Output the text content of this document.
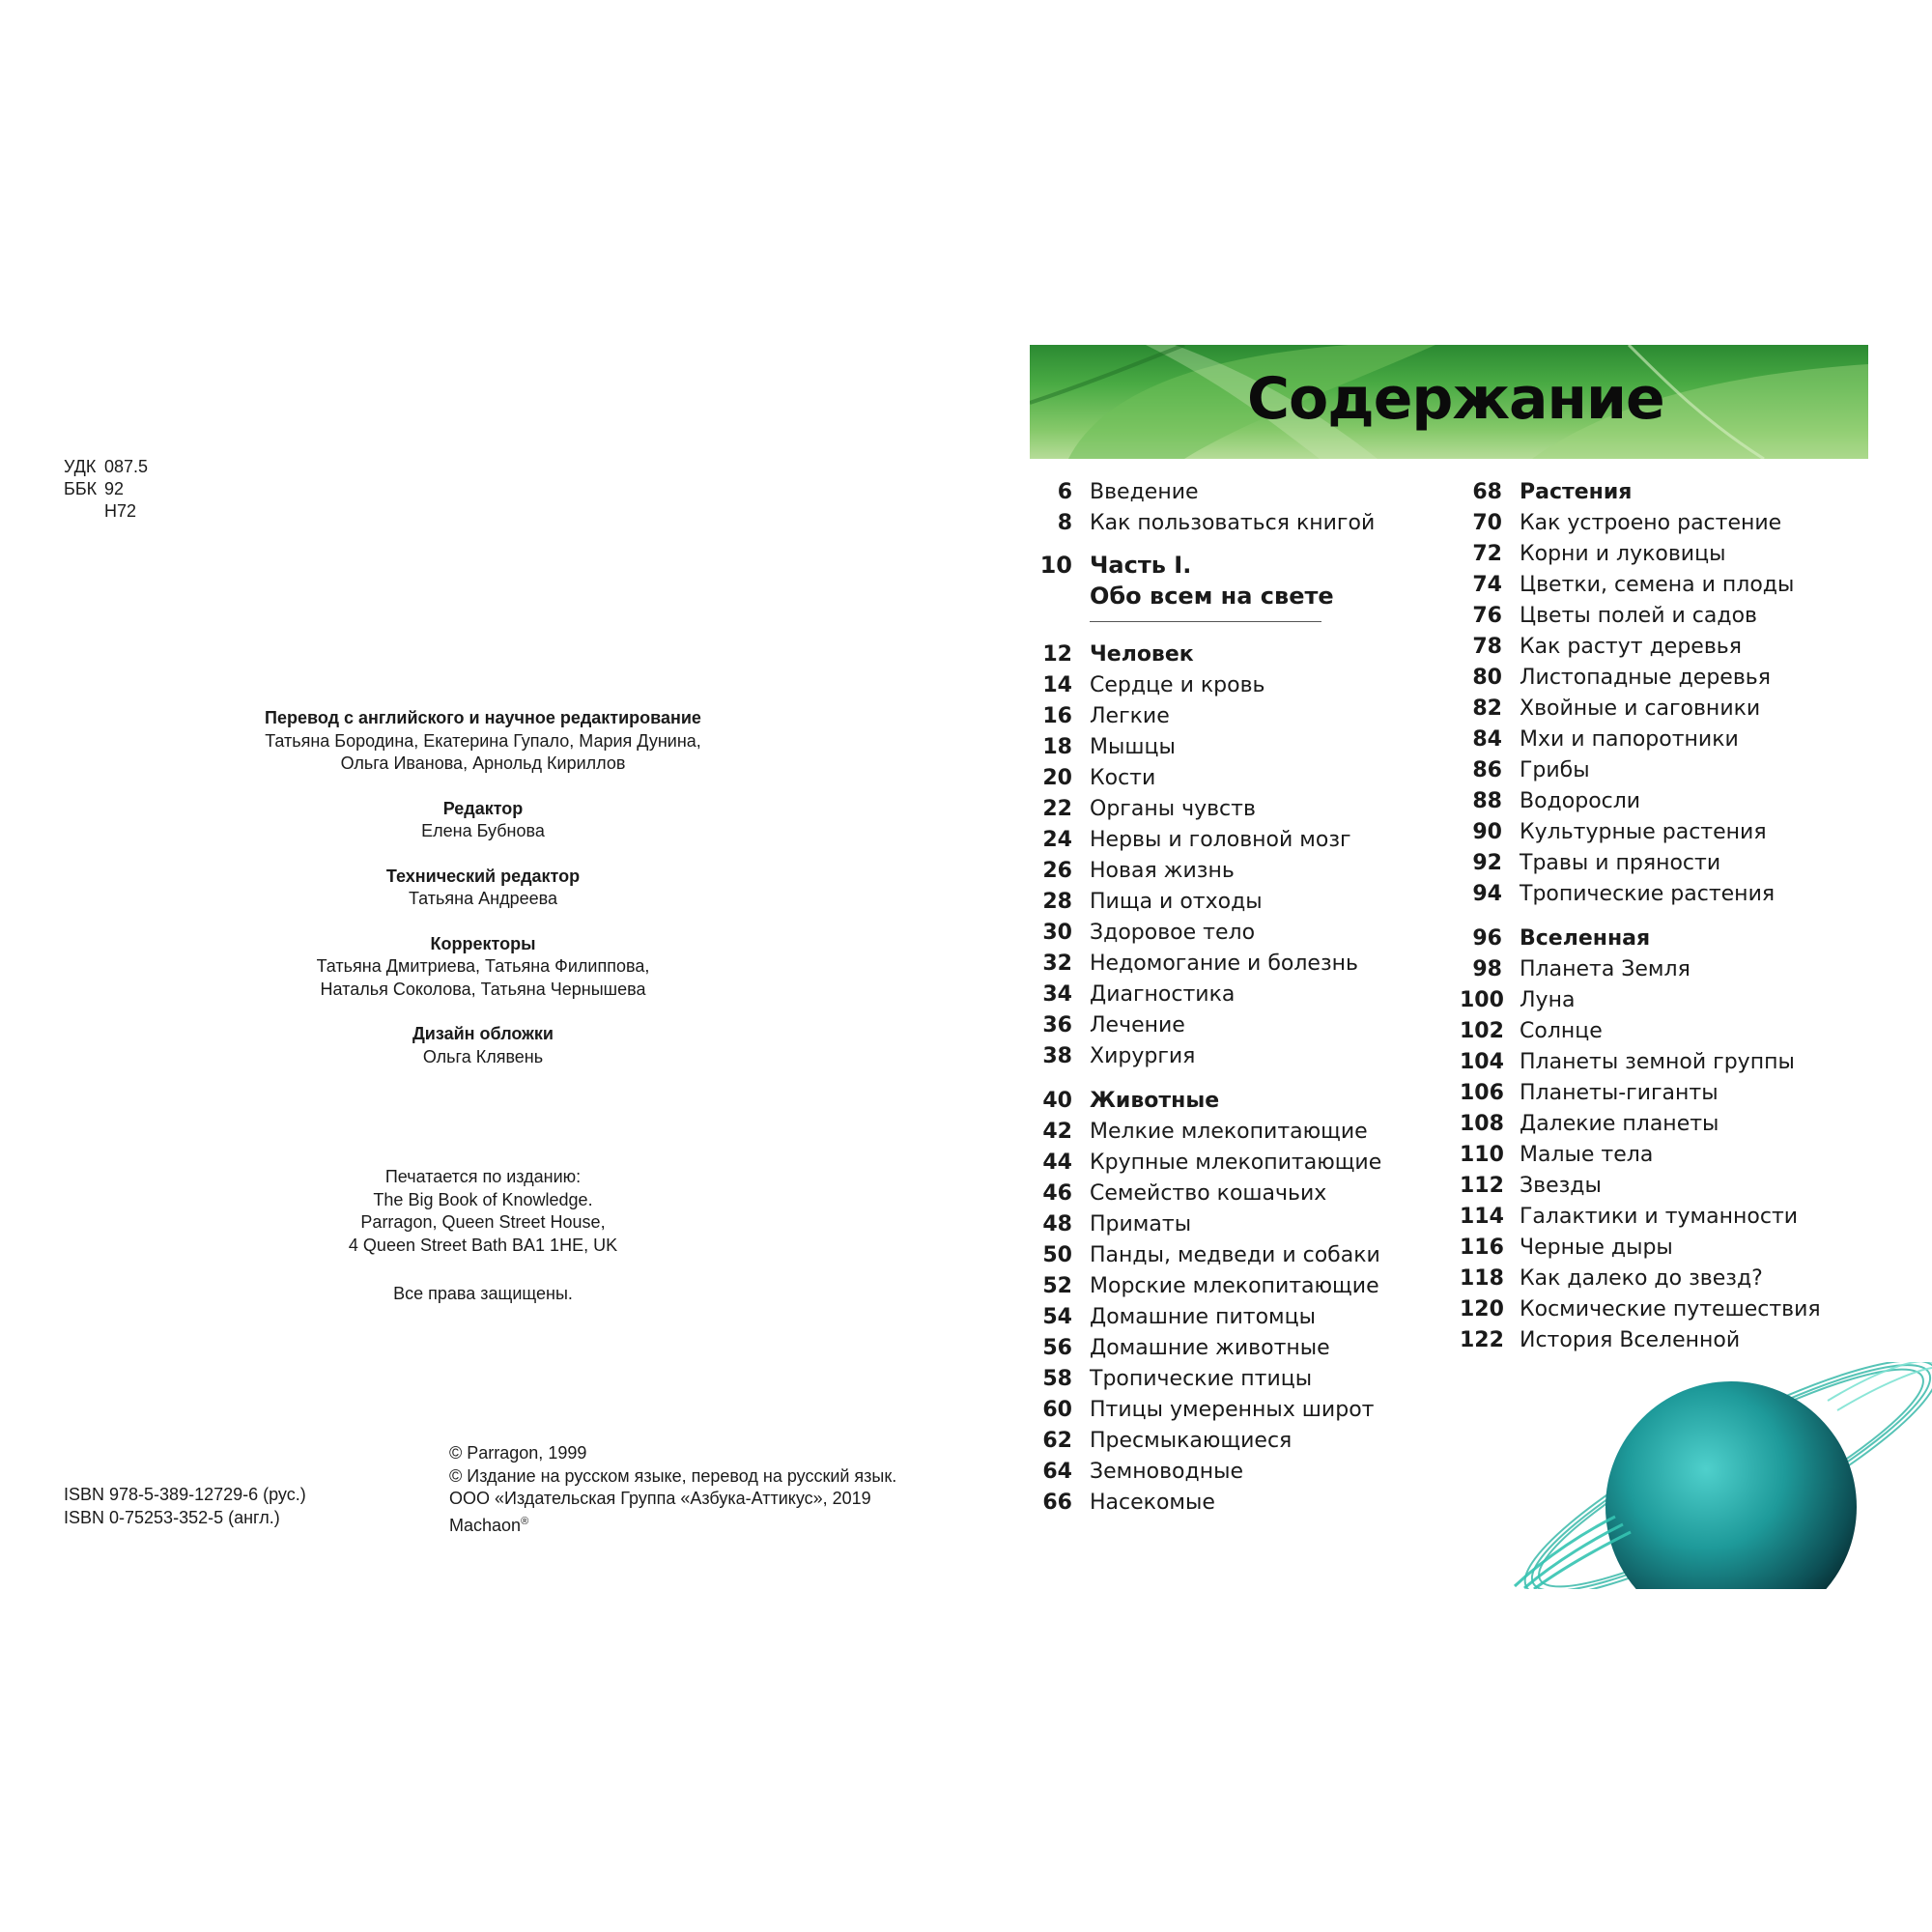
УДК 087.5
ББК 92
Н72
Перевод с английского и научное редактирование
Татьяна Бородина, Екатерина Гупало, Мария Дунина,
Ольга Иванова, Арнольд Кириллов
Редактор
Елена Бубнова
Технический редактор
Татьяна Андреева
Корректоры
Татьяна Дмитриева, Татьяна Филиппова,
Наталья Соколова, Татьяна Чернышева
Дизайн обложки
Ольга Клявень
Печатается по изданию:
The Big Book of Knowledge.
Parragon, Queen Street House,
4 Queen Street Bath BA1 1HE, UK
Все права защищены.
ISBN 978-5-389-12729-6 (рус.)
ISBN 0-75253-352-5 (англ.)
© Parragon, 1999
© Издание на русском языке, перевод на русский язык.
ООО «Издательская Группа «Азбука-Аттикус», 2019
Machaon®
Содержание
6 Введение
8 Как пользоваться книгой
10 Часть I.
Обо всем на свете
12 Человек
14 Сердце и кровь
16 Легкие
18 Мышцы
20 Кости
22 Органы чувств
24 Нервы и головной мозг
26 Новая жизнь
28 Пища и отходы
30 Здоровое тело
32 Недомогание и болезнь
34 Диагностика
36 Лечение
38 Хирургия
40 Животные
42 Мелкие млекопитающие
44 Крупные млекопитающие
46 Семейство кошачьих
48 Приматы
50 Панды, медведи и собаки
52 Морские млекопитающие
54 Домашние питомцы
56 Домашние животные
58 Тропические птицы
60 Птицы умеренных широт
62 Пресмыкающиеся
64 Земноводные
66 Насекомые
68 Растения
70 Как устроено растение
72 Корни и луковицы
74 Цветки, семена и плоды
76 Цветы полей и садов
78 Как растут деревья
80 Листопадные деревья
82 Хвойные и саговники
84 Мхи и папоротники
86 Грибы
88 Водоросли
90 Культурные растения
92 Травы и пряности
94 Тропические растения
96 Вселенная
98 Планета Земля
100 Луна
102 Солнце
104 Планеты земной группы
106 Планеты-гиганты
108 Далекие планеты
110 Малые тела
112 Звезды
114 Галактики и туманности
116 Черные дыры
118 Как далеко до звезд?
120 Космические путешествия
122 История Вселенной
